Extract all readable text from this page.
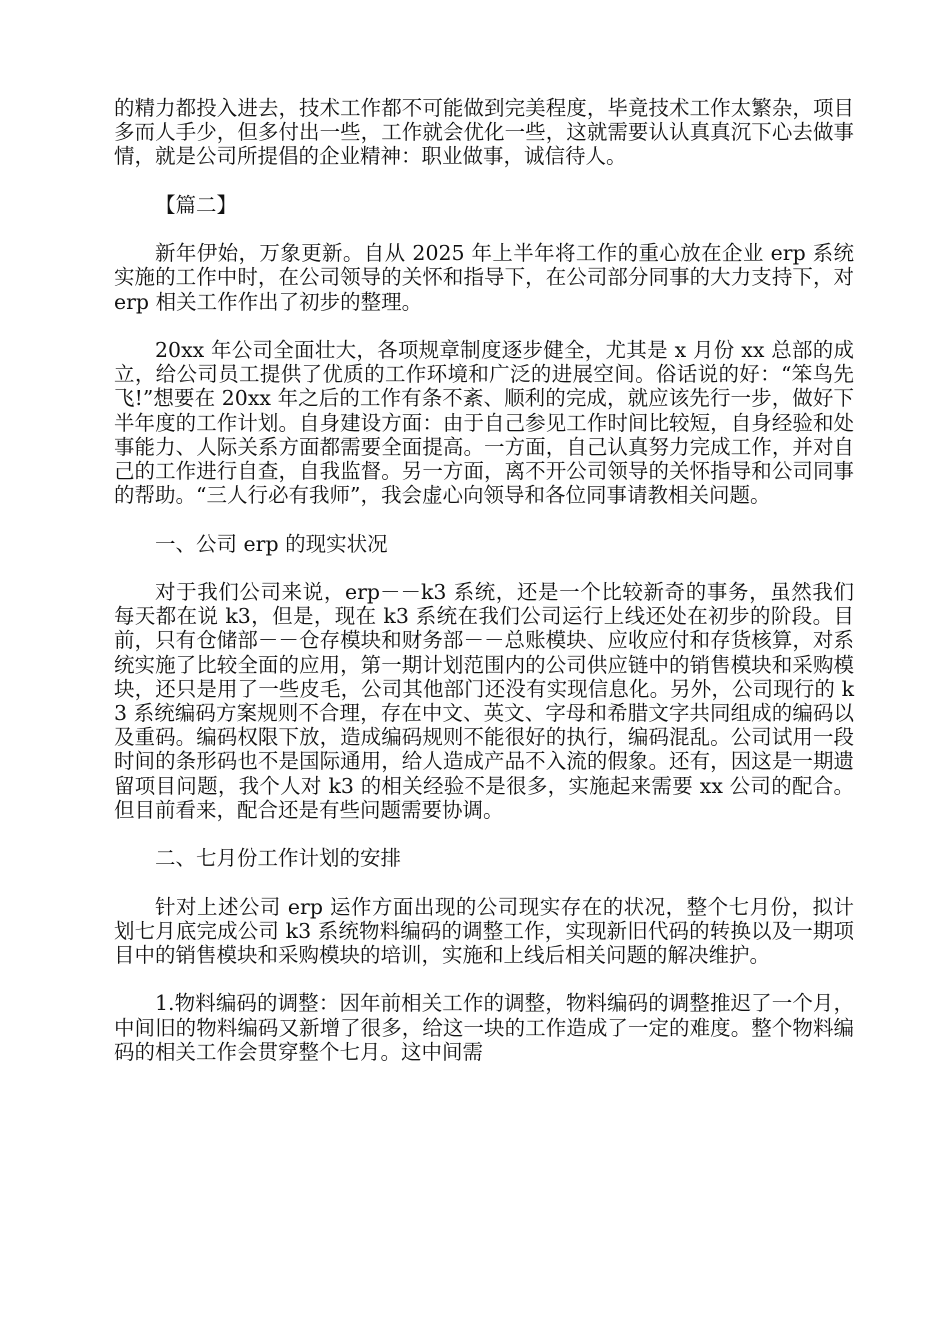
的精力都投入进去，技术工作都不可能做到完美程度，毕竟技术工作太繁杂，项目多而人手少，但多付出一些，工作就会优化一些，这就需要认认真真沉下心去做事情，就是公司所提倡的企业精神：职业做事，诚信待人。

【篇二】

新年伊始，万象更新。自从 2025 年上半年将工作的重心放在企业 erp 系统实施的工作中时，在公司领导的关怀和指导下，在公司部分同事的大力支持下，对 erp 相关工作作出了初步的整理。

20xx 年公司全面壮大，各项规章制度逐步健全，尤其是 x 月份 xx 总部的成立，给公司员工提供了优质的工作环境和广泛的进展空间。俗话说的好：“笨鸟先飞!”想要在 20xx 年之后的工作有条不紊、顺利的完成，就应该先行一步，做好下半年度的工作计划。自身建设方面：由于自己参见工作时间比较短，自身经验和处事能力、人际关系方面都需要全面提高。一方面，自己认真努力完成工作，并对自己的工作进行自查，自我监督。另一方面，离不开公司领导的关怀指导和公司同事的帮助。“三人行必有我师”，我会虚心向领导和各位同事请教相关问题。

一、公司 erp 的现实状况

对于我们公司来说，erp－－k3 系统，还是一个比较新奇的事务，虽然我们每天都在说 k3，但是，现在 k3 系统在我们公司运行上线还处在初步的阶段。目前，只有仓储部－－仓存模块和财务部－－总账模块、应收应付和存货核算，对系统实施了比较全面的应用，第一期计划范围内的公司供应链中的销售模块和采购模块，还只是用了一些皮毛，公司其他部门还没有实现信息化。另外，公司现行的 k3 系统编码方案规则不合理，存在中文、英文、字母和希腊文字共同组成的编码以及重码。编码权限下放，造成编码规则不能很好的执行，编码混乱。公司试用一段时间的条形码也不是国际通用，给人造成产品不入流的假象。还有，因这是一期遗留项目问题，我个人对 k3 的相关经验不是很多，实施起来需要 xx 公司的配合。但目前看来，配合还是有些问题需要协调。

二、七月份工作计划的安排

针对上述公司 erp 运作方面出现的公司现实存在的状况，整个七月份，拟计划七月底完成公司 k3 系统物料编码的调整工作，实现新旧代码的转换以及一期项目中的销售模块和采购模块的培训，实施和上线后相关问题的解决维护。

1.物料编码的调整：因年前相关工作的调整，物料编码的调整推迟了一个月，中间旧的物料编码又新增了很多，给这一块的工作造成了一定的难度。整个物料编码的相关工作会贯穿整个七月。这中间需
